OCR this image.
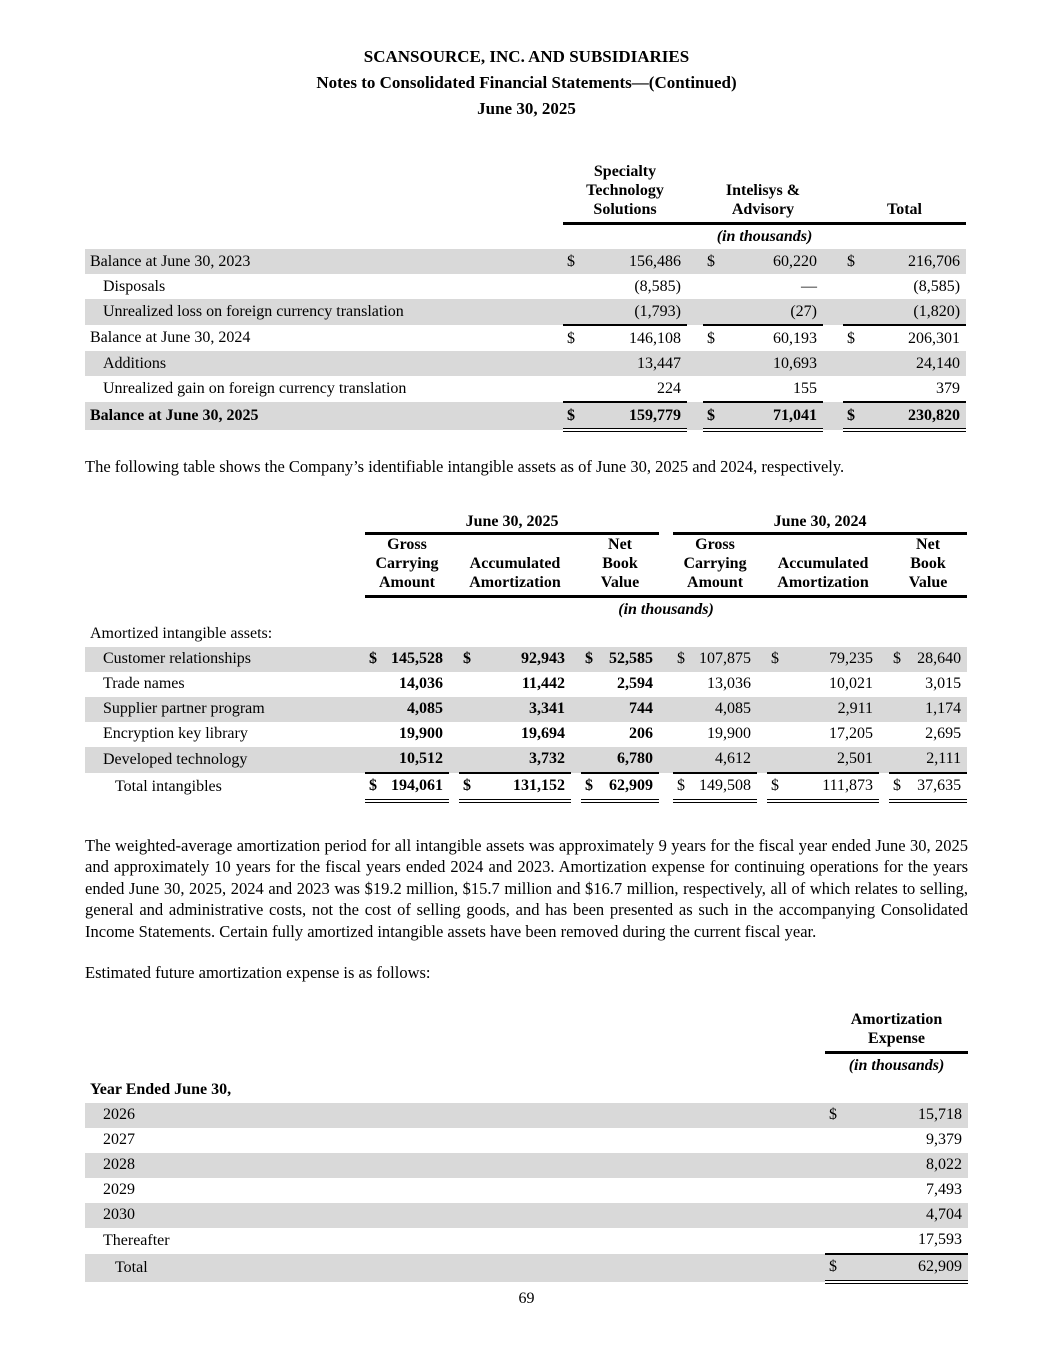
SCANSOURCE, INC. AND SUBSIDIARIES
Notes to Consolidated Financial Statements—(Continued)
June 30, 2025
	Specialty Technology Solutions			Intelisys & Advisory			Total	
	(in thousands)							
Balance at June 30, 2023	$	156,486		$	60,220		$	216,706
Disposals		(8,585)			—			(8,585)
Unrealized loss on foreign currency translation		(1,793)			(27)			(1,820)
Balance at June 30, 2024	$	146,108		$	60,193		$	206,301
Additions		13,447			10,693			24,140
Unrealized gain on foreign currency translation		224			155			379
Balance at June 30, 2025	$	159,779		$	71,041		$	230,820

The following table shows the Company’s identifiable intangible assets as of June 30, 2025 and 2024, respectively.

	June 30, 2025									June 30, 2024							
	Gross Carrying Amount			Accumulated Amortization			Net Book Value			Gross Carrying Amount			Accumulated Amortization			Net Book Value	
	(in thousands)																
Amortized intangible assets:																	
Customer relationships	$	145,528		$	92,943		$	52,585		$	107,875		$	79,235		$	28,640
Trade names		14,036			11,442			2,594			13,036			10,021			3,015
Supplier partner program		4,085			3,341			744			4,085			2,911			1,174
Encryption key library		19,900			19,694			206			19,900			17,205			2,695
Developed technology		10,512			3,732			6,780			4,612			2,501			2,111
Total intangibles	$	194,061		$	131,152		$	62,909		$	149,508		$	111,873		$	37,635

The weighted-average amortization period for all intangible assets was approximately 9 years for the fiscal year ended June 30, 2025 and approximately 10 years for the fiscal years ended 2024 and 2023. Amortization expense for continuing operations for the years ended June 30, 2025, 2024 and 2023 was $19.2 million, $15.7 million and $16.7 million, respectively, all of which relates to selling, general and administrative costs, not the cost of selling goods, and has been presented as such in the accompanying Consolidated Income Statements. Certain fully amortized intangible assets have been removed during the current fiscal year.

Estimated future amortization expense is as follows:

	Amortization Expense	
	(in thousands)	
Year Ended June 30,		
2026	$	15,718
2027		9,379
2028		8,022
2029		7,493
2030		4,704
Thereafter		17,593
Total	$	62,909
69
